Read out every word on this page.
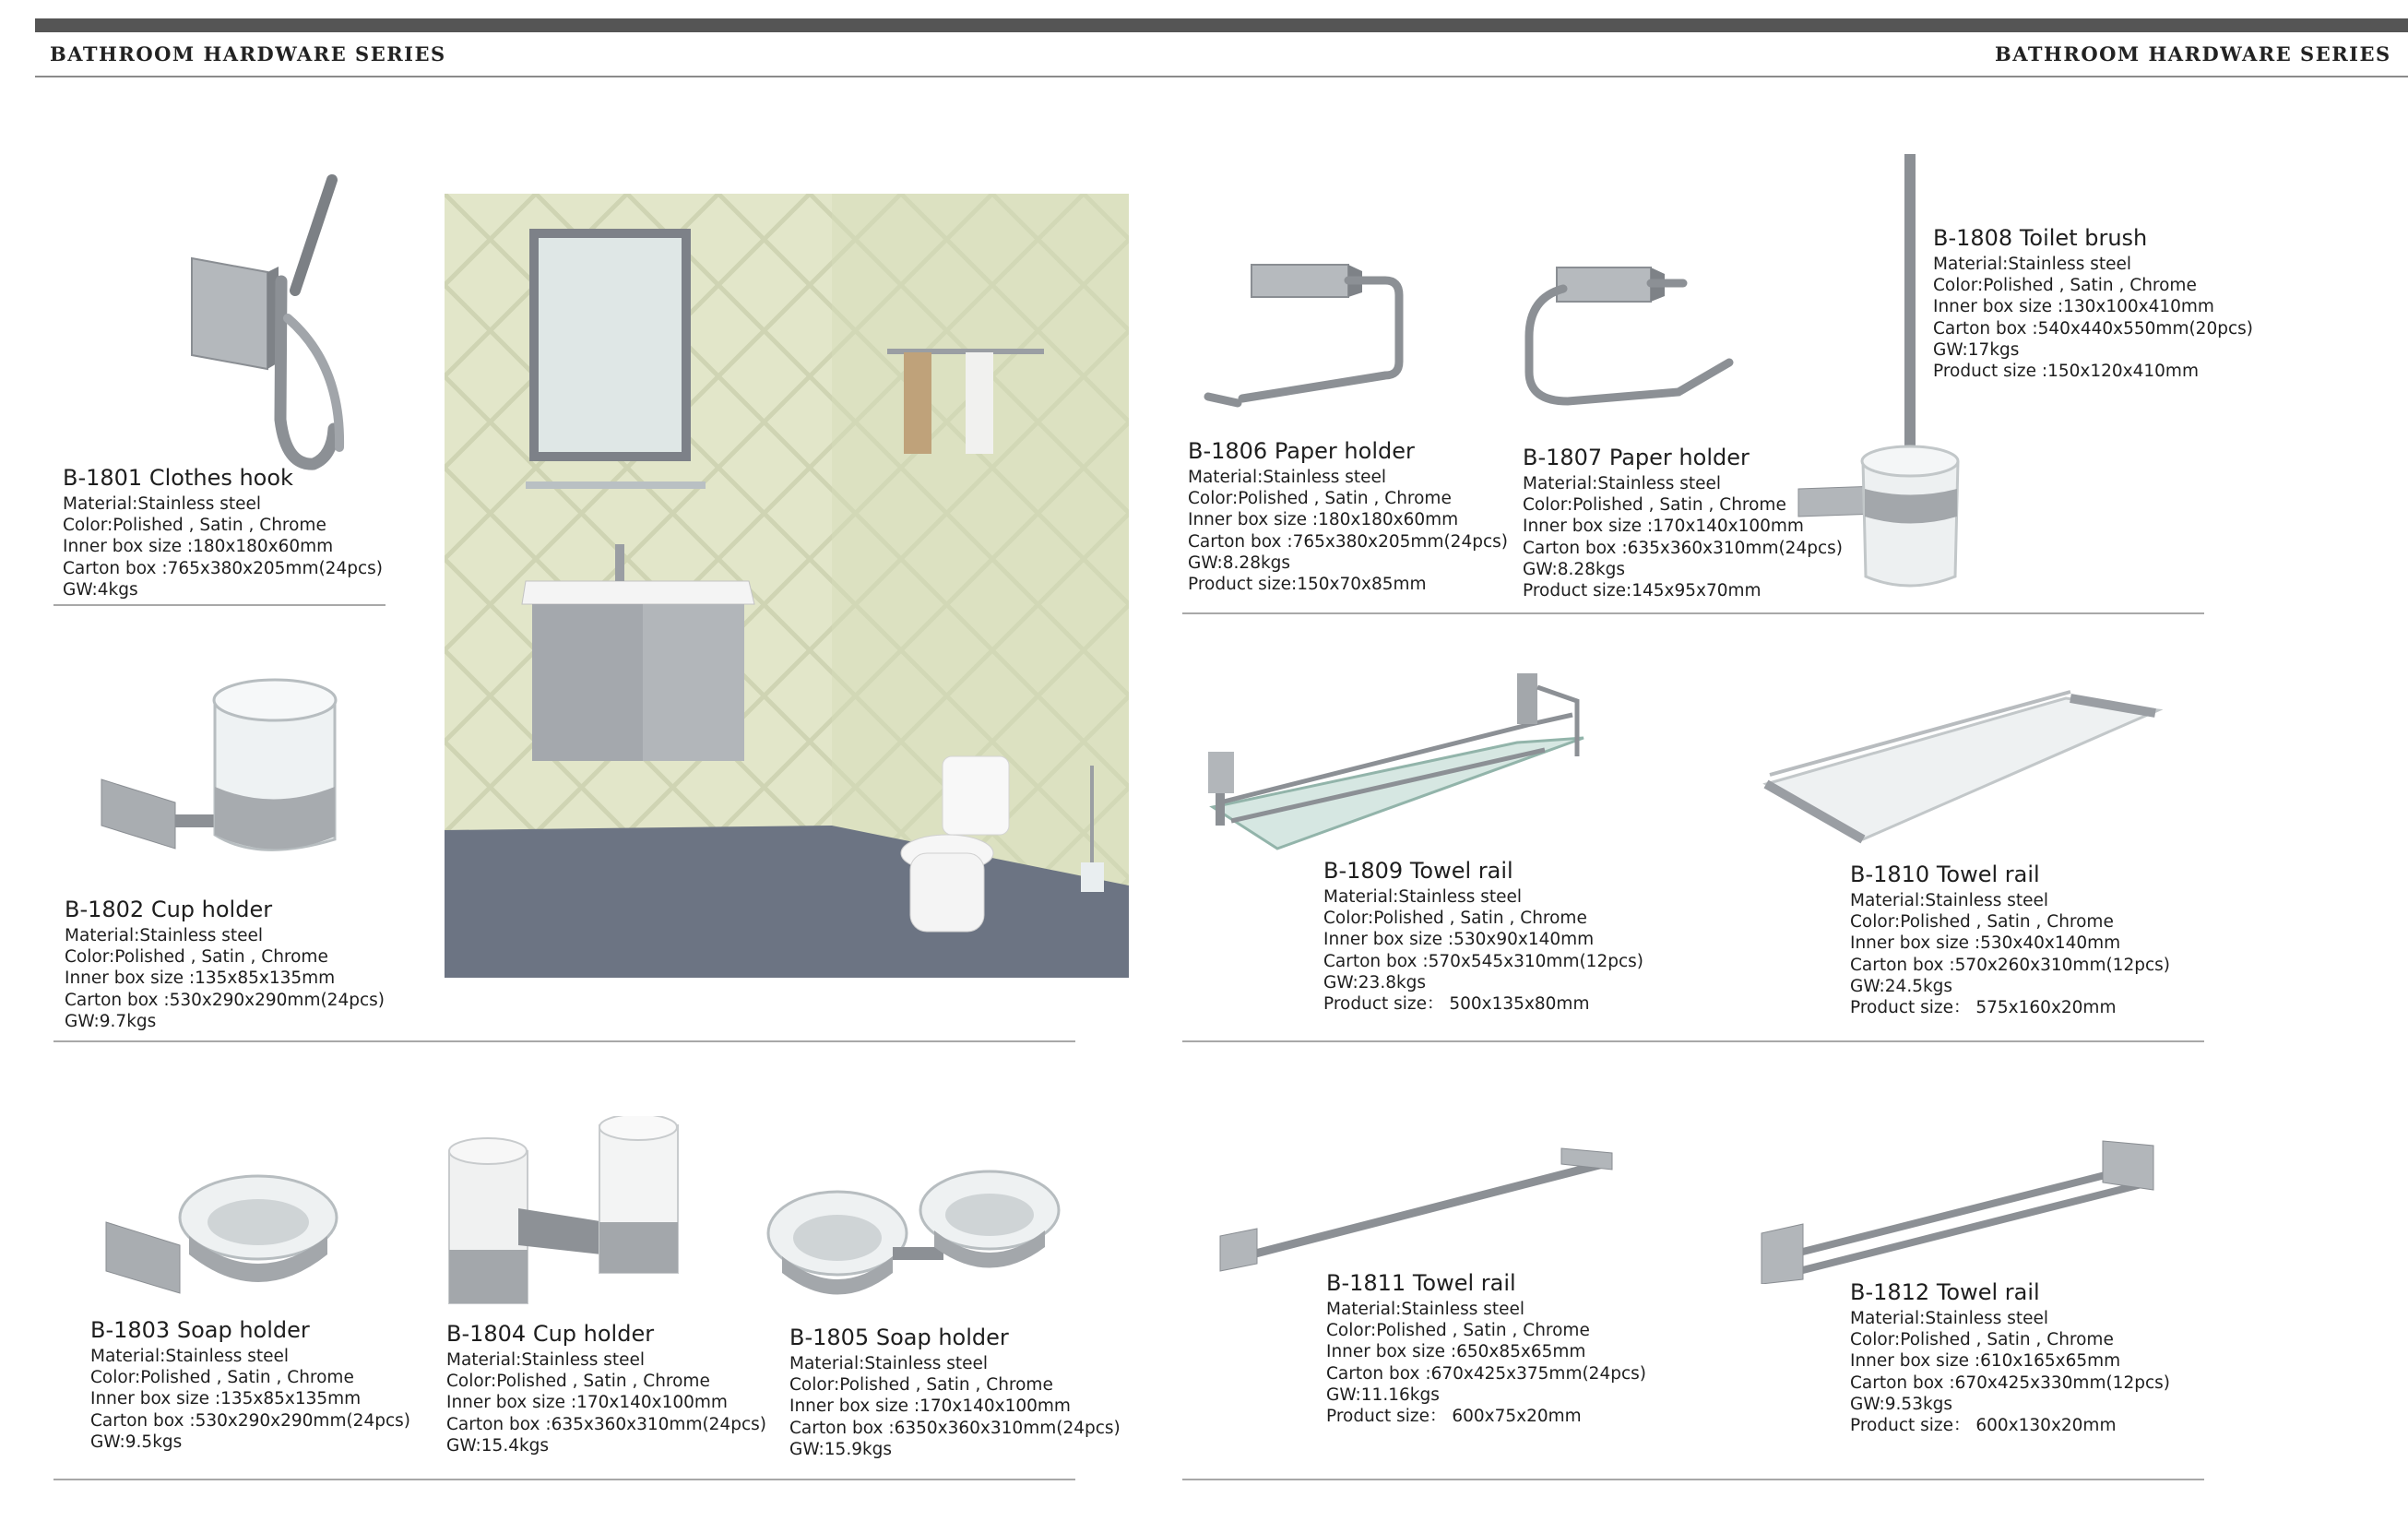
BATHROOM HARDWARE SERIES	BATHROOM HARDWARE SERIES
B-1801 Clothes hook
Material:Stainless steel
Color:Polished , Satin , Chrome
Inner box size :180x180x60mm
Carton box :765x380x205mm(24pcs)
GW:4kgs
B-1802 Cup holder
Material:Stainless steel
Color:Polished , Satin , Chrome
Inner box size :135x85x135mm
Carton box :530x290x290mm(24pcs)
GW:9.7kgs
B-1803 Soap holder
Material:Stainless steel
Color:Polished , Satin , Chrome
Inner box size :135x85x135mm
Carton box :530x290x290mm(24pcs)
GW:9.5kgs
B-1804 Cup holder
Material:Stainless steel
Color:Polished , Satin , Chrome
Inner box size :170x140x100mm
Carton box :635x360x310mm(24pcs)
GW:15.4kgs
B-1805 Soap holder
Material:Stainless steel
Color:Polished , Satin , Chrome
Inner box size :170x140x100mm
Carton box :6350x360x310mm(24pcs)
GW:15.9kgs
B-1806 Paper holder
Material:Stainless steel
Color:Polished , Satin , Chrome
Inner box size :180x180x60mm
Carton box :765x380x205mm(24pcs)
GW:8.28kgs
Product size:150x70x85mm
B-1807 Paper holder
Material:Stainless steel
Color:Polished , Satin , Chrome
Inner box size :170x140x100mm
Carton box :635x360x310mm(24pcs)
GW:8.28kgs
Product size:145x95x70mm
B-1808 Toilet brush
Material:Stainless steel
Color:Polished , Satin , Chrome
Inner box size :130x100x410mm
Carton box :540x440x550mm(20pcs)
GW:17kgs
Product size :150x120x410mm
B-1809 Towel rail
Material:Stainless steel
Color:Polished , Satin , Chrome
Inner box size :530x90x140mm
Carton box :570x545x310mm(12pcs)
GW:23.8kgs
Product size： 500x135x80mm
B-1810 Towel rail
Material:Stainless steel
Color:Polished , Satin , Chrome
Inner box size :530x40x140mm
Carton box :570x260x310mm(12pcs)
GW:24.5kgs
Product size： 575x160x20mm
B-1811 Towel rail
Material:Stainless steel
Color:Polished , Satin , Chrome
Inner box size :650x85x65mm
Carton box :670x425x375mm(24pcs)
GW:11.16kgs
Product size： 600x75x20mm
B-1812 Towel rail
Material:Stainless steel
Color:Polished , Satin , Chrome
Inner box size :610x165x65mm
Carton box :670x425x330mm(12pcs)
GW:9.53kgs
Product size： 600x130x20mm
